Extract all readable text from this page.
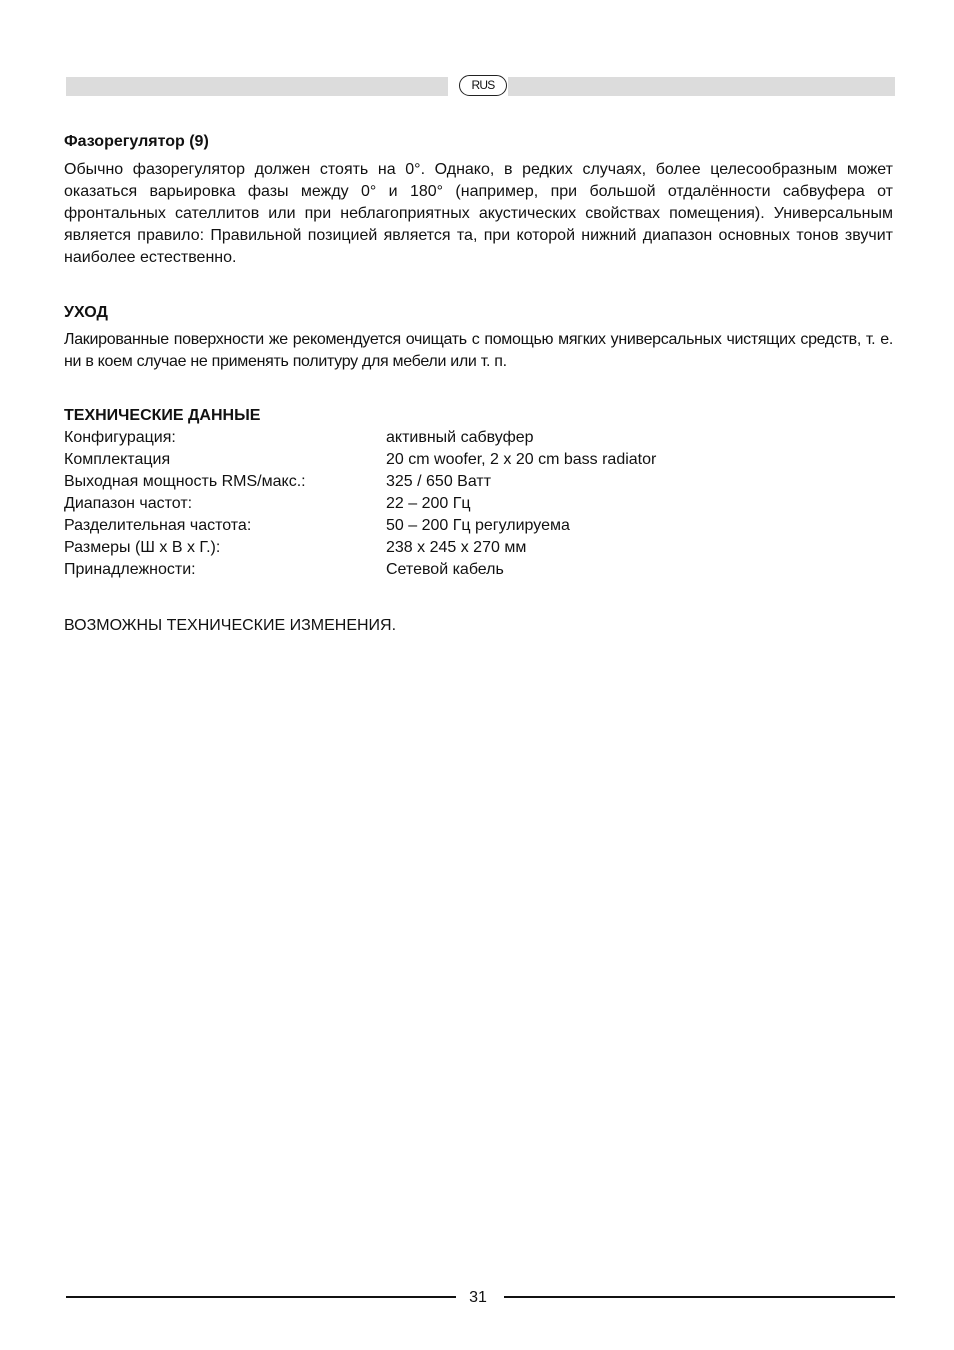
RUS
Фазорегулятор (9)

Обычно фазорегулятор должен стоять на 0°. Однако, в редких случаях, более целесообразным может оказаться варьировка фазы между 0° и 180° (например, при большой отдалённости сабвуфера от фронтальных сателлитов или при неблагоприятных акустических свойствах помещения). Универсальным является правило: Правильной позицией является та, при которой нижний диапазон основных тонов звучит наиболее естественно.

УХОД

Лакированные поверхности же рекомендуется очищать с помощью мягких универсальных чистящих средств, т. е. ни в коем случае не применять политуру для мебели или т. п.

ТЕХНИЧЕСКИЕ ДАННЫЕ
Конфигурация:	активный сабвуфер
Комплектация	20 cm woofer, 2 x 20 cm bass radiator
Выходная мощность RMS/макс.:	325 / 650 Ватт
Диапазон частот:	22 – 200 Гц
Разделительная частота:	50 – 200 Гц регулируема
Размеры (Ш x В x Г.):	238 x 245 x 270 мм
Принадлежности:	Сетевой кабель

ВОЗМОЖНЫ ТЕХНИЧЕСКИЕ ИЗМЕНЕНИЯ.

31
